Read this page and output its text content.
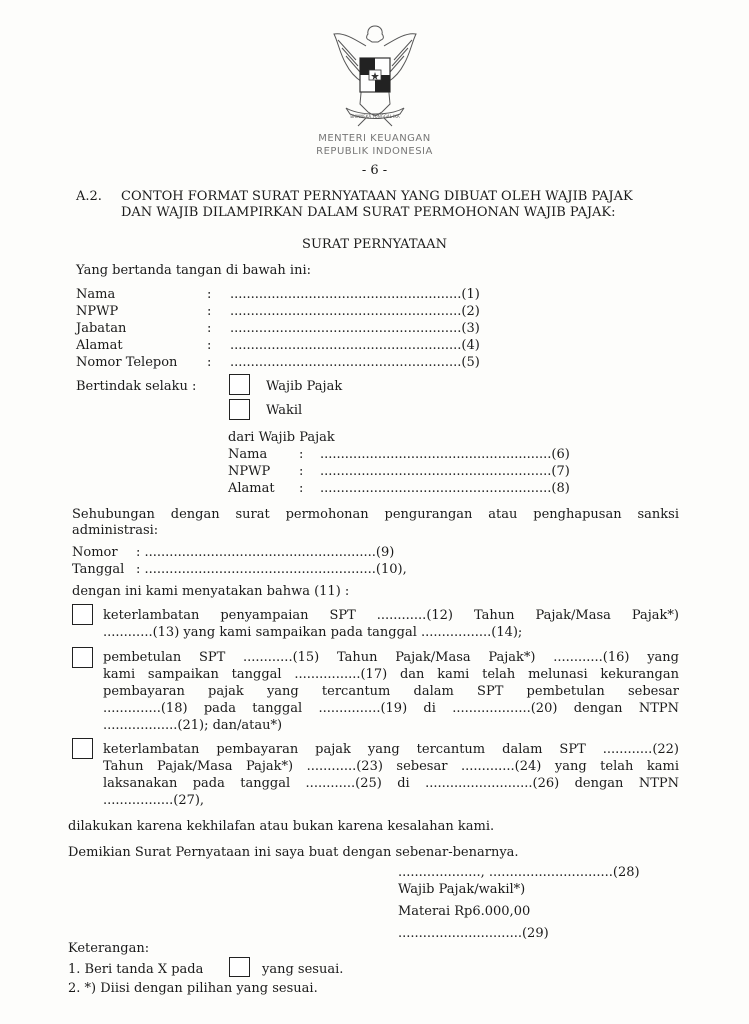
BHINNEKA TUNGGAL IKA
MENTERI KEUANGAN
REPUBLIK INDONESIA
- 6 -
A.2. CONTOH FORMAT SURAT PERNYATAAN YANG DIBUAT OLEH WAJIB PAJAK
DAN WAJIB DILAMPIRKAN DALAM SURAT PERMOHONAN WAJIB PAJAK:
SURAT PERNYATAAN
Yang bertanda tangan di bawah ini:
Nama	: ........................................................(1)
NPWP	: ........................................................(2)
Jabatan	: ........................................................(3)
Alamat	: ........................................................(4)
Nomor Telepon : ........................................................(5)
Bertindak selaku :	Wajib Pajak
Wakil
dari Wajib Pajak
Nama : ........................................................(6)
NPWP : ........................................................(7)
Alamat : ........................................................(8)
Sehubungan dengan surat permohonan pengurangan atau penghapusan sanksi
administrasi:
Nomor : ........................................................(9)
Tanggal : ........................................................(10),
dengan ini kami menyatakan bahwa (11) :
keterlambatan penyampaian SPT ............(12) Tahun Pajak/Masa Pajak*)
............(13) yang kami sampaikan pada tanggal .................(14);
pembetulan SPT ............(15) Tahun Pajak/Masa Pajak*) ............(16) yang
kami sampaikan tanggal ................(17) dan kami telah melunasi kekurangan
pembayaran pajak yang tercantum dalam SPT pembetulan sebesar
..............(18) pada tanggal ...............(19) di ...................(20) dengan NTPN
..................(21); dan/atau*)
keterlambatan pembayaran pajak yang tercantum dalam SPT ............(22)
Tahun Pajak/Masa Pajak*) ............(23) sebesar .............(24) yang telah kami
laksanakan pada tanggal ............(25) di ..........................(26) dengan NTPN
.................(27),
dilakukan karena kekhilafan atau bukan karena kesalahan kami.
Demikian Surat Pernyataan ini saya buat dengan sebenar-benarnya.
...................., ..............................(28)
Wajib Pajak/wakil*)
Materai Rp6.000,00
..............................(29)
Keterangan:
1. Beri tanda X pada	yang sesuai.
2. *) Diisi dengan pilihan yang sesuai.
